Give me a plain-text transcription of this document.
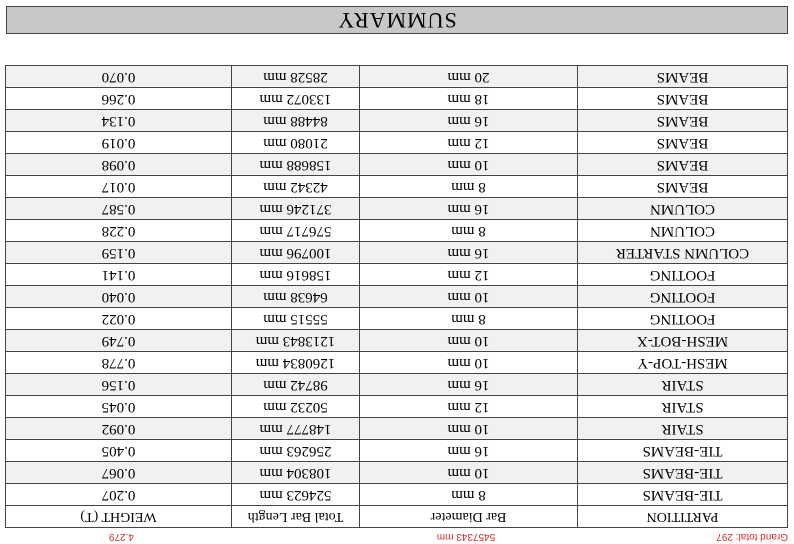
SUMMARY
PARTITION	Bar Diameter	Total Bar Length	WEIGHT (T)
TIE-BEAMS	8 mm	524623 mm	0.207
TIE-BEAMS	10 mm	108304 mm	0.067
TIE-BEAMS	16 mm	256263 mm	0.405
STAIR	10 mm	148777 mm	0.092
STAIR	12 mm	50232 mm	0.045
STAIR	16 mm	98742 mm	0.156
MESH-TOP-Y	10 mm	1260834 mm	0.778
MESH-BOT-X	10 mm	1213843 mm	0.749
FOOTING	8 mm	55515 mm	0.022
FOOTING	10 mm	64638 mm	0.040
FOOTING	12 mm	158616 mm	0.141
COLUMN STARTER	16 mm	100796 mm	0.159
COLUMN	8 mm	576717 mm	0.228
COLUMN	16 mm	371246 mm	0.587
BEAMS	8 mm	42342 mm	0.017
BEAMS	10 mm	158688 mm	0.098
BEAMS	12 mm	21080 mm	0.019
BEAMS	16 mm	84488 mm	0.134
BEAMS	18 mm	133072 mm	0.266
BEAMS	20 mm	28528 mm	0.070
Grand total: 297
5457343 mm
4.279
